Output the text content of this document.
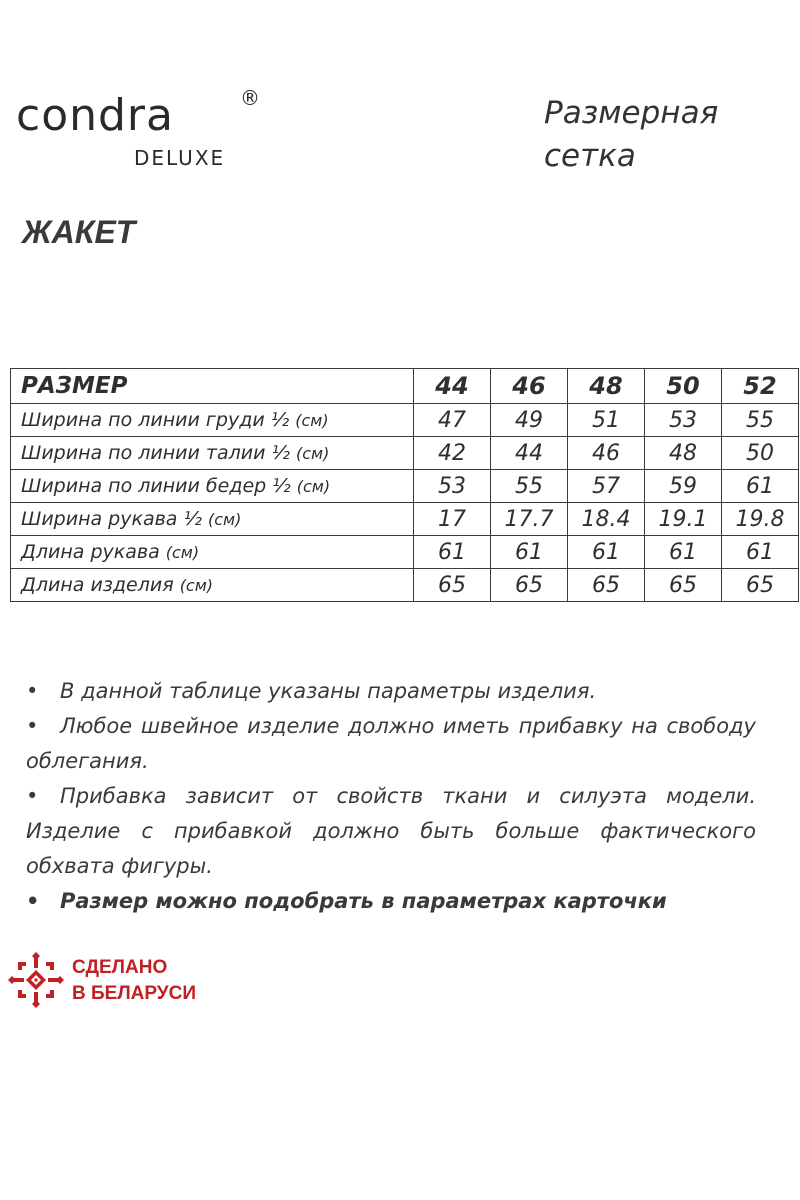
condra	®
DELUXE
Размерная
сетка
ЖАКЕТ
РАЗМЕР	44	46	48	50	52
Ширина по линии груди ½ (см)	47	49	51	53	55
Ширина по линии талии ½ (см)	42	44	46	48	50
Ширина по линии бедер ½ (см)	53	55	57	59	61
Ширина рукава ½ (см)	17	17.7	18.4	19.1	19.8
Длина рукава (см)	61	61	61	61	61
Длина изделия (см)	65	65	65	65	65
• В данной таблице указаны параметры изделия.
• Любое швейное изделие должно иметь прибавку на свободу облегания.
• Прибавка зависит от свойств ткани и силуэта модели. Изделие с прибавкой должно быть больше фактического обхвата фигуры.
• Размер можно подобрать в параметрах карточки
СДЕЛАНО
В БЕЛАРУСИ
